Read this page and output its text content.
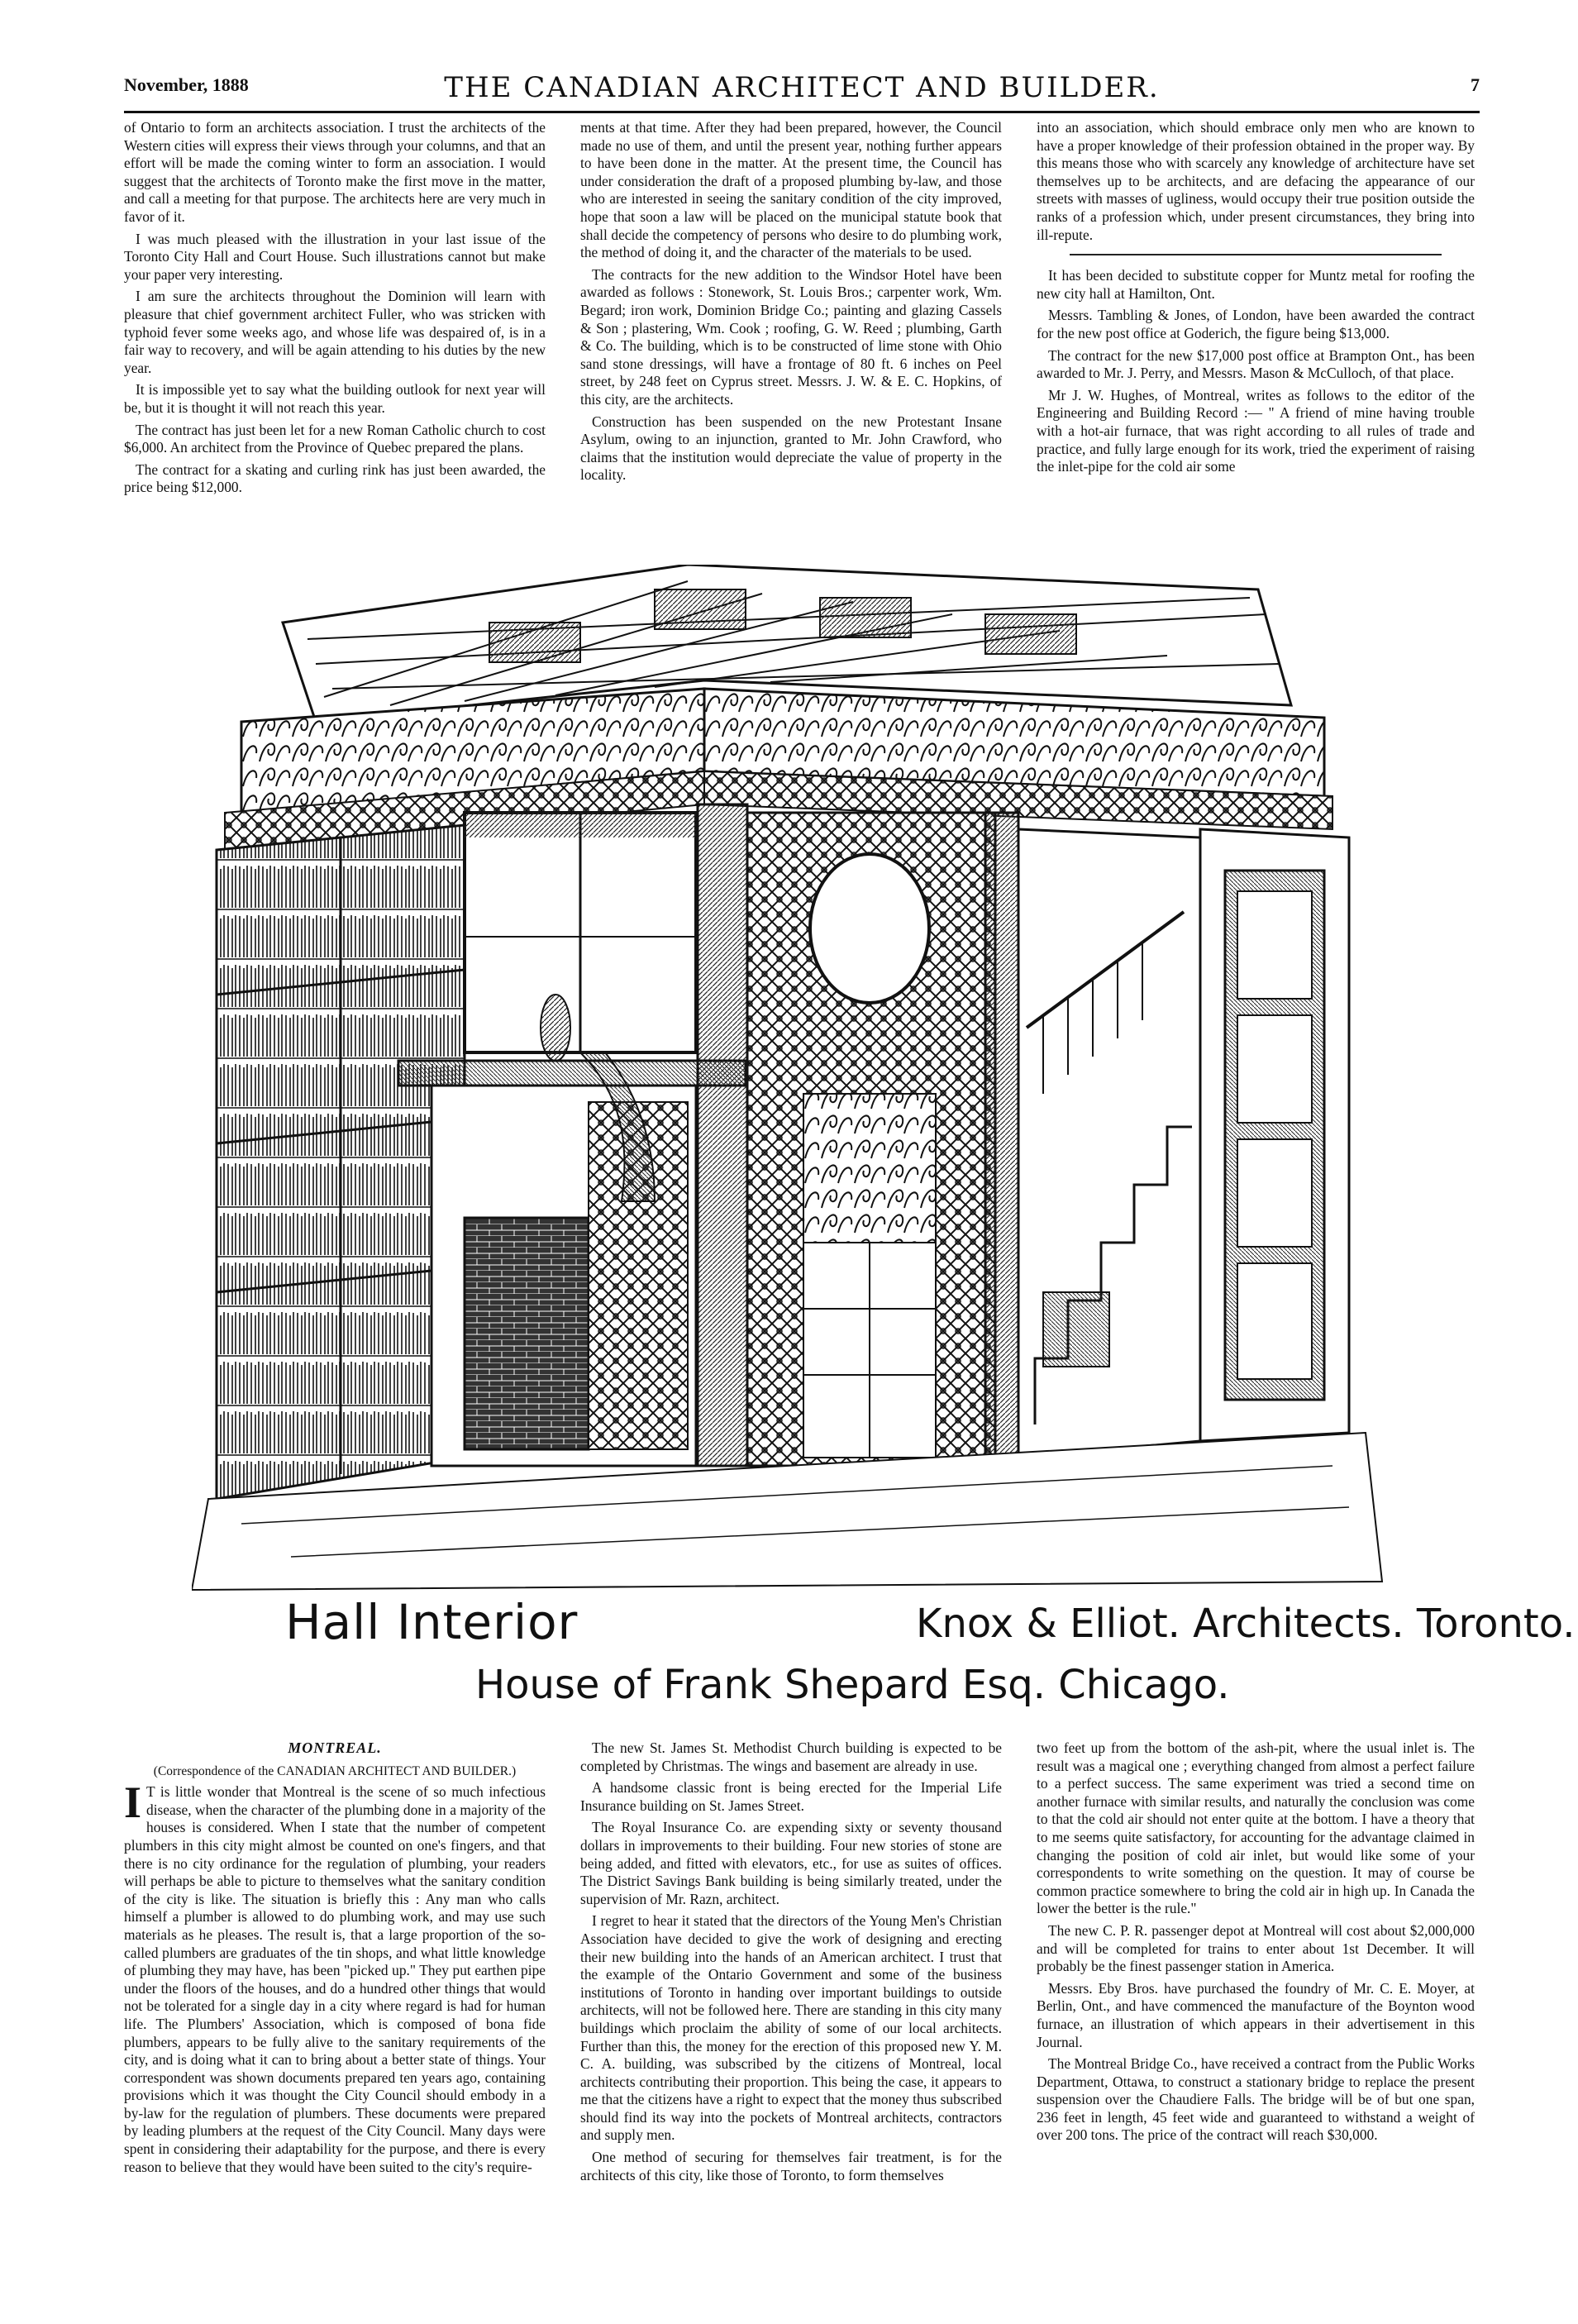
November, 1888	THE CANADIAN ARCHITECT AND BUILDER.	7

of Ontario to form an architects association. I trust the architects of the Western cities will express their views through your columns, and that an effort will be made the coming winter to form an association. I would suggest that the architects of Toronto make the first move in the matter, and call a meeting for that purpose. The architects here are very much in favor of it.

I was much pleased with the illustration in your last issue of the Toronto City Hall and Court House. Such illustrations cannot but make your paper very interesting.

I am sure the architects throughout the Dominion will learn with pleasure that chief government architect Fuller, who was stricken with typhoid fever some weeks ago, and whose life was despaired of, is in a fair way to recovery, and will be again attending to his duties by the new year.

It is impossible yet to say what the building outlook for next year will be, but it is thought it will not reach this year.

The contract has just been let for a new Roman Catholic church to cost $6,000. An architect from the Province of Quebec prepared the plans.

The contract for a skating and curling rink has just been awarded, the price being $12,000.

ments at that time. After they had been prepared, however, the Council made no use of them, and until the present year, nothing further appears to have been done in the matter. At the present time, the Council has under consideration the draft of a proposed plumbing by-law, and those who are interested in seeing the sanitary condition of the city improved, hope that soon a law will be placed on the municipal statute book that shall decide the competency of persons who desire to do plumbing work, the method of doing it, and the character of the materials to be used.

The contracts for the new addition to the Windsor Hotel have been awarded as follows : Stonework, St. Louis Bros.; carpenter work, Wm. Begard; iron work, Dominion Bridge Co.; painting and glazing Cassels & Son ; plastering, Wm. Cook ; roofing, G. W. Reed ; plumbing, Garth & Co. The building, which is to be constructed of lime stone with Ohio sand stone dressings, will have a frontage of 80 ft. 6 inches on Peel street, by 248 feet on Cyprus street. Messrs. J. W. & E. C. Hopkins, of this city, are the architects.

Construction has been suspended on the new Protestant Insane Asylum, owing to an injunction, granted to Mr. John Crawford, who claims that the institution would depreciate the value of property in the locality.

into an association, which should embrace only men who are known to have a proper knowledge of their profession obtained in the proper way. By this means those who with scarcely any knowledge of architecture have set themselves up to be architects, and are defacing the appearance of our streets with masses of ugliness, would occupy their true position outside the ranks of a profession which, under present circumstances, they bring into ill-repute.

It has been decided to substitute copper for Muntz metal for roofing the new city hall at Hamilton, Ont.

Messrs. Tambling & Jones, of London, have been awarded the contract for the new post office at Goderich, the figure being $13,000.

The contract for the new $17,000 post office at Brampton Ont., has been awarded to Mr. J. Perry, and Messrs. Mason & McCulloch, of that place.

Mr J. W. Hughes, of Montreal, writes as follows to the editor of the Engineering and Building Record :— " A friend of mine having trouble with a hot-air furnace, that was right according to all rules of trade and practice, and fully large enough for its work, tried the experiment of raising the inlet-pipe for the cold air some

Hall Interior	Knox & Elliot. Architects. Toronto.
House of Frank Shepard Esq. Chicago.

MONTREAL.

(Correspondence of the CANADIAN ARCHITECT AND BUILDER.)

I T is little wonder that Montreal is the scene of so much infectious disease, when the character of the plumbing done in a majority of the houses is considered. When I state that the number of competent plumbers in this city might almost be counted on one's fingers, and that there is no city ordinance for the regulation of plumbing, your readers will perhaps be able to picture to themselves what the sanitary condition of the city is like. The situation is briefly this : Any man who calls himself a plumber is allowed to do plumbing work, and may use such materials as he pleases. The result is, that a large proportion of the so-called plumbers are graduates of the tin shops, and what little knowledge of plumbing they may have, has been "picked up." They put earthen pipe under the floors of the houses, and do a hundred other things that would not be tolerated for a single day in a city where regard is had for human life. The Plumbers' Association, which is composed of bona fide plumbers, appears to be fully alive to the sanitary requirements of the city, and is doing what it can to bring about a better state of things. Your correspondent was shown documents prepared ten years ago, containing provisions which it was thought the City Council should embody in a by-law for the regulation of plumbers. These documents were prepared by leading plumbers at the request of the City Council. Many days were spent in considering their adaptability for the purpose, and there is every reason to believe that they would have been suited to the city's require-

The new St. James St. Methodist Church building is expected to be completed by Christmas. The wings and basement are already in use.

A handsome classic front is being erected for the Imperial Life Insurance building on St. James Street.

The Royal Insurance Co. are expending sixty or seventy thousand dollars in improvements to their building. Four new stories of stone are being added, and fitted with elevators, etc., for use as suites of offices. The District Savings Bank building is being similarly treated, under the supervision of Mr. Razn, architect.

I regret to hear it stated that the directors of the Young Men's Christian Association have decided to give the work of designing and erecting their new building into the hands of an American architect. I trust that the example of the Ontario Government and some of the business institutions of Toronto in handing over important buildings to outside architects, will not be followed here. There are standing in this city many buildings which proclaim the ability of some of our local architects. Further than this, the money for the erection of this proposed new Y. M. C. A. building, was subscribed by the citizens of Montreal, local architects contributing their proportion. This being the case, it appears to me that the citizens have a right to expect that the money thus subscribed should find its way into the pockets of Montreal architects, contractors and supply men.

One method of securing for themselves fair treatment, is for the architects of this city, like those of Toronto, to form themselves

two feet up from the bottom of the ash-pit, where the usual inlet is. The result was a magical one ; everything changed from almost a perfect failure to a perfect success. The same experiment was tried a second time on another furnace with similar results, and naturally the conclusion was come to that the cold air should not enter quite at the bottom. I have a theory that to me seems quite satisfactory, for accounting for the advantage claimed in changing the position of cold air inlet, but would like some of your correspondents to write something on the question. It may of course be common practice somewhere to bring the cold air in high up. In Canada the lower the better is the rule."

The new C. P. R. passenger depot at Montreal will cost about $2,000,000 and will be completed for trains to enter about 1st December. It will probably be the finest passenger station in America.

Messrs. Eby Bros. have purchased the foundry of Mr. C. E. Moyer, at Berlin, Ont., and have commenced the manufacture of the Boynton wood furnace, an illustration of which appears in their advertisement in this Journal.

The Montreal Bridge Co., have received a contract from the Public Works Department, Ottawa, to construct a stationary bridge to replace the present suspension over the Chaudiere Falls. The bridge will be of but one span, 236 feet in length, 45 feet wide and guaranteed to withstand a weight of over 200 tons. The price of the contract will reach $30,000.
